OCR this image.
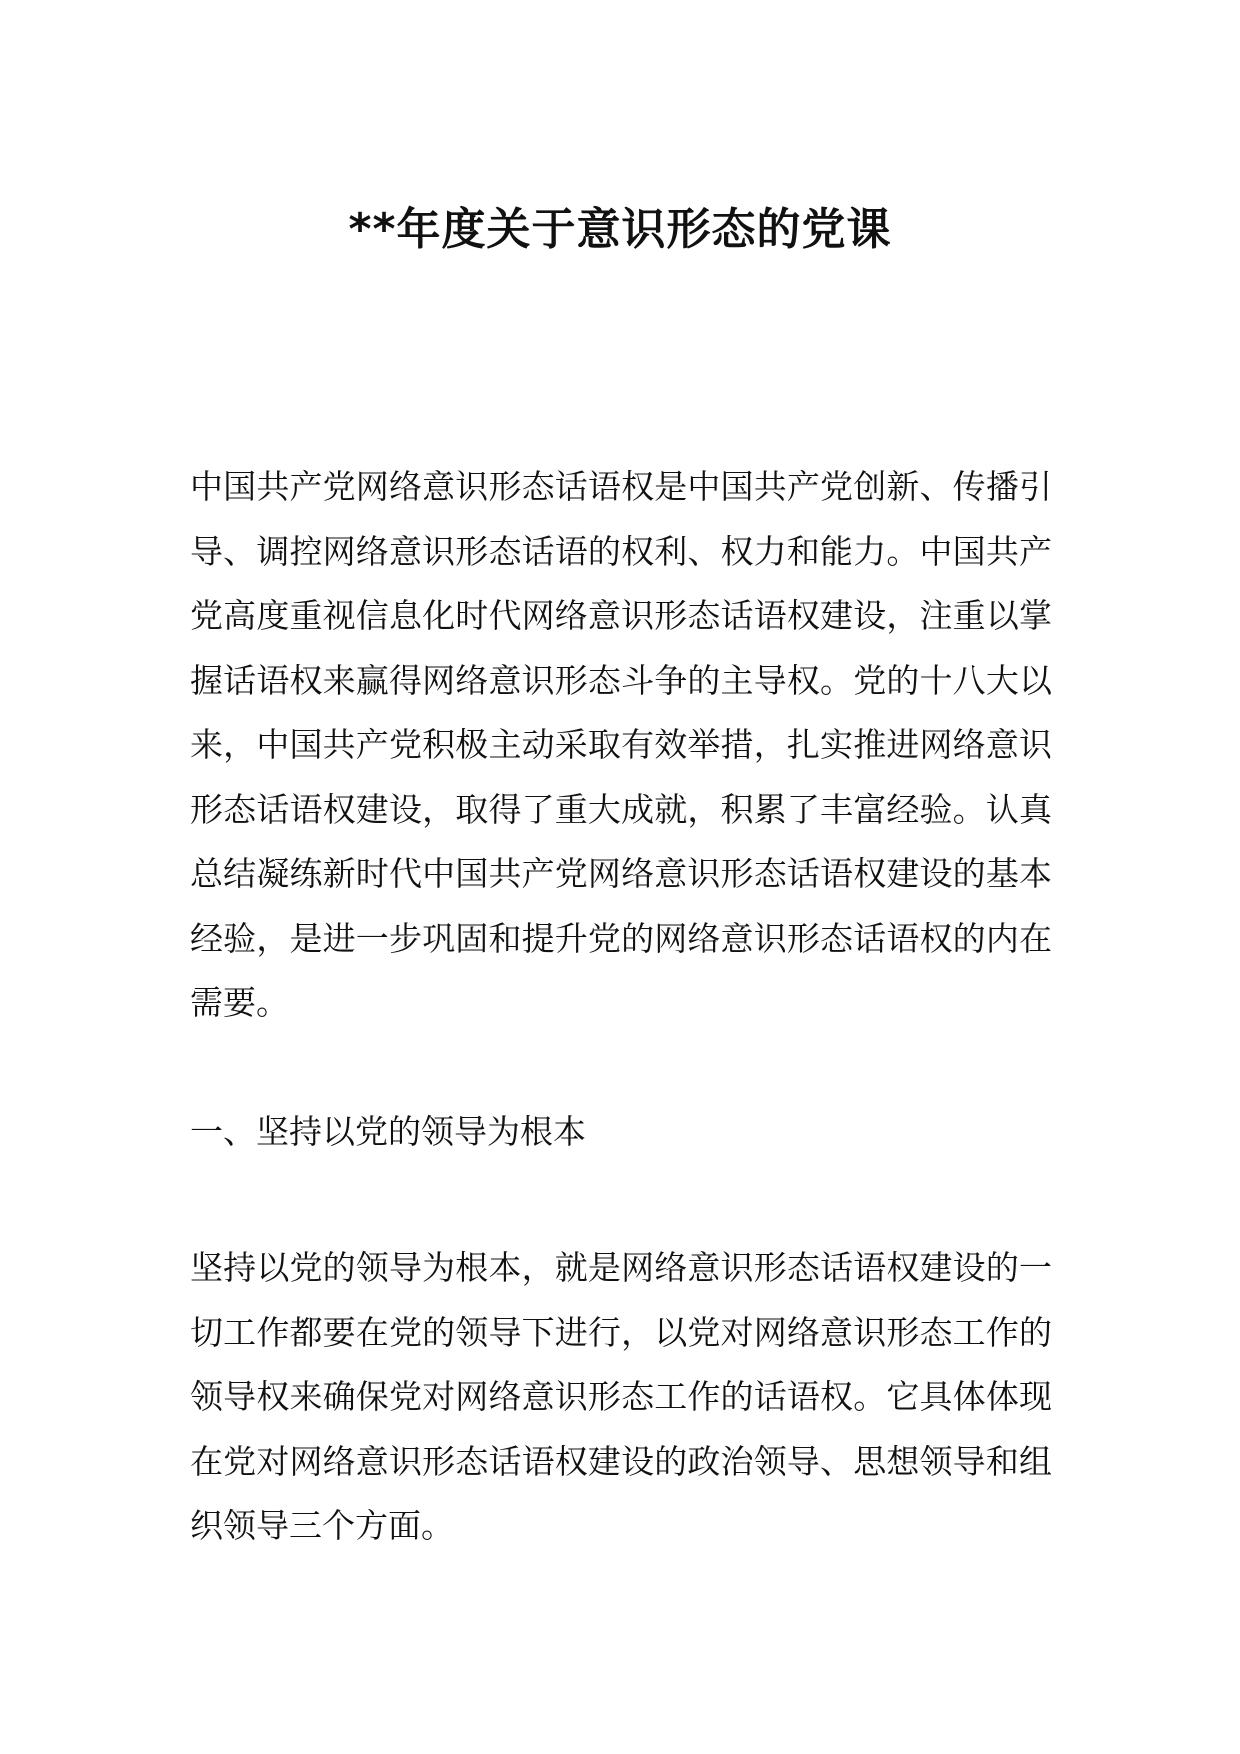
**年度关于意识形态的党课

中国共产党网络意识形态话语权是中国共产党创新、传播引导、调控网络意识形态话语的权利、权力和能力。中国共产党高度重视信息化时代网络意识形态话语权建设，注重以掌握话语权来赢得网络意识形态斗争的主导权。党的十八大以来，中国共产党积极主动采取有效举措，扎实推进网络意识形态话语权建设，取得了重大成就，积累了丰富经验。认真总结凝练新时代中国共产党网络意识形态话语权建设的基本经验，是进一步巩固和提升党的网络意识形态话语权的内在需要。

一、坚持以党的领导为根本

坚持以党的领导为根本，就是网络意识形态话语权建设的一切工作都要在党的领导下进行，以党对网络意识形态工作的领导权来确保党对网络意识形态工作的话语权。它具体体现在党对网络意识形态话语权建设的政治领导、思想领导和组织领导三个方面。
